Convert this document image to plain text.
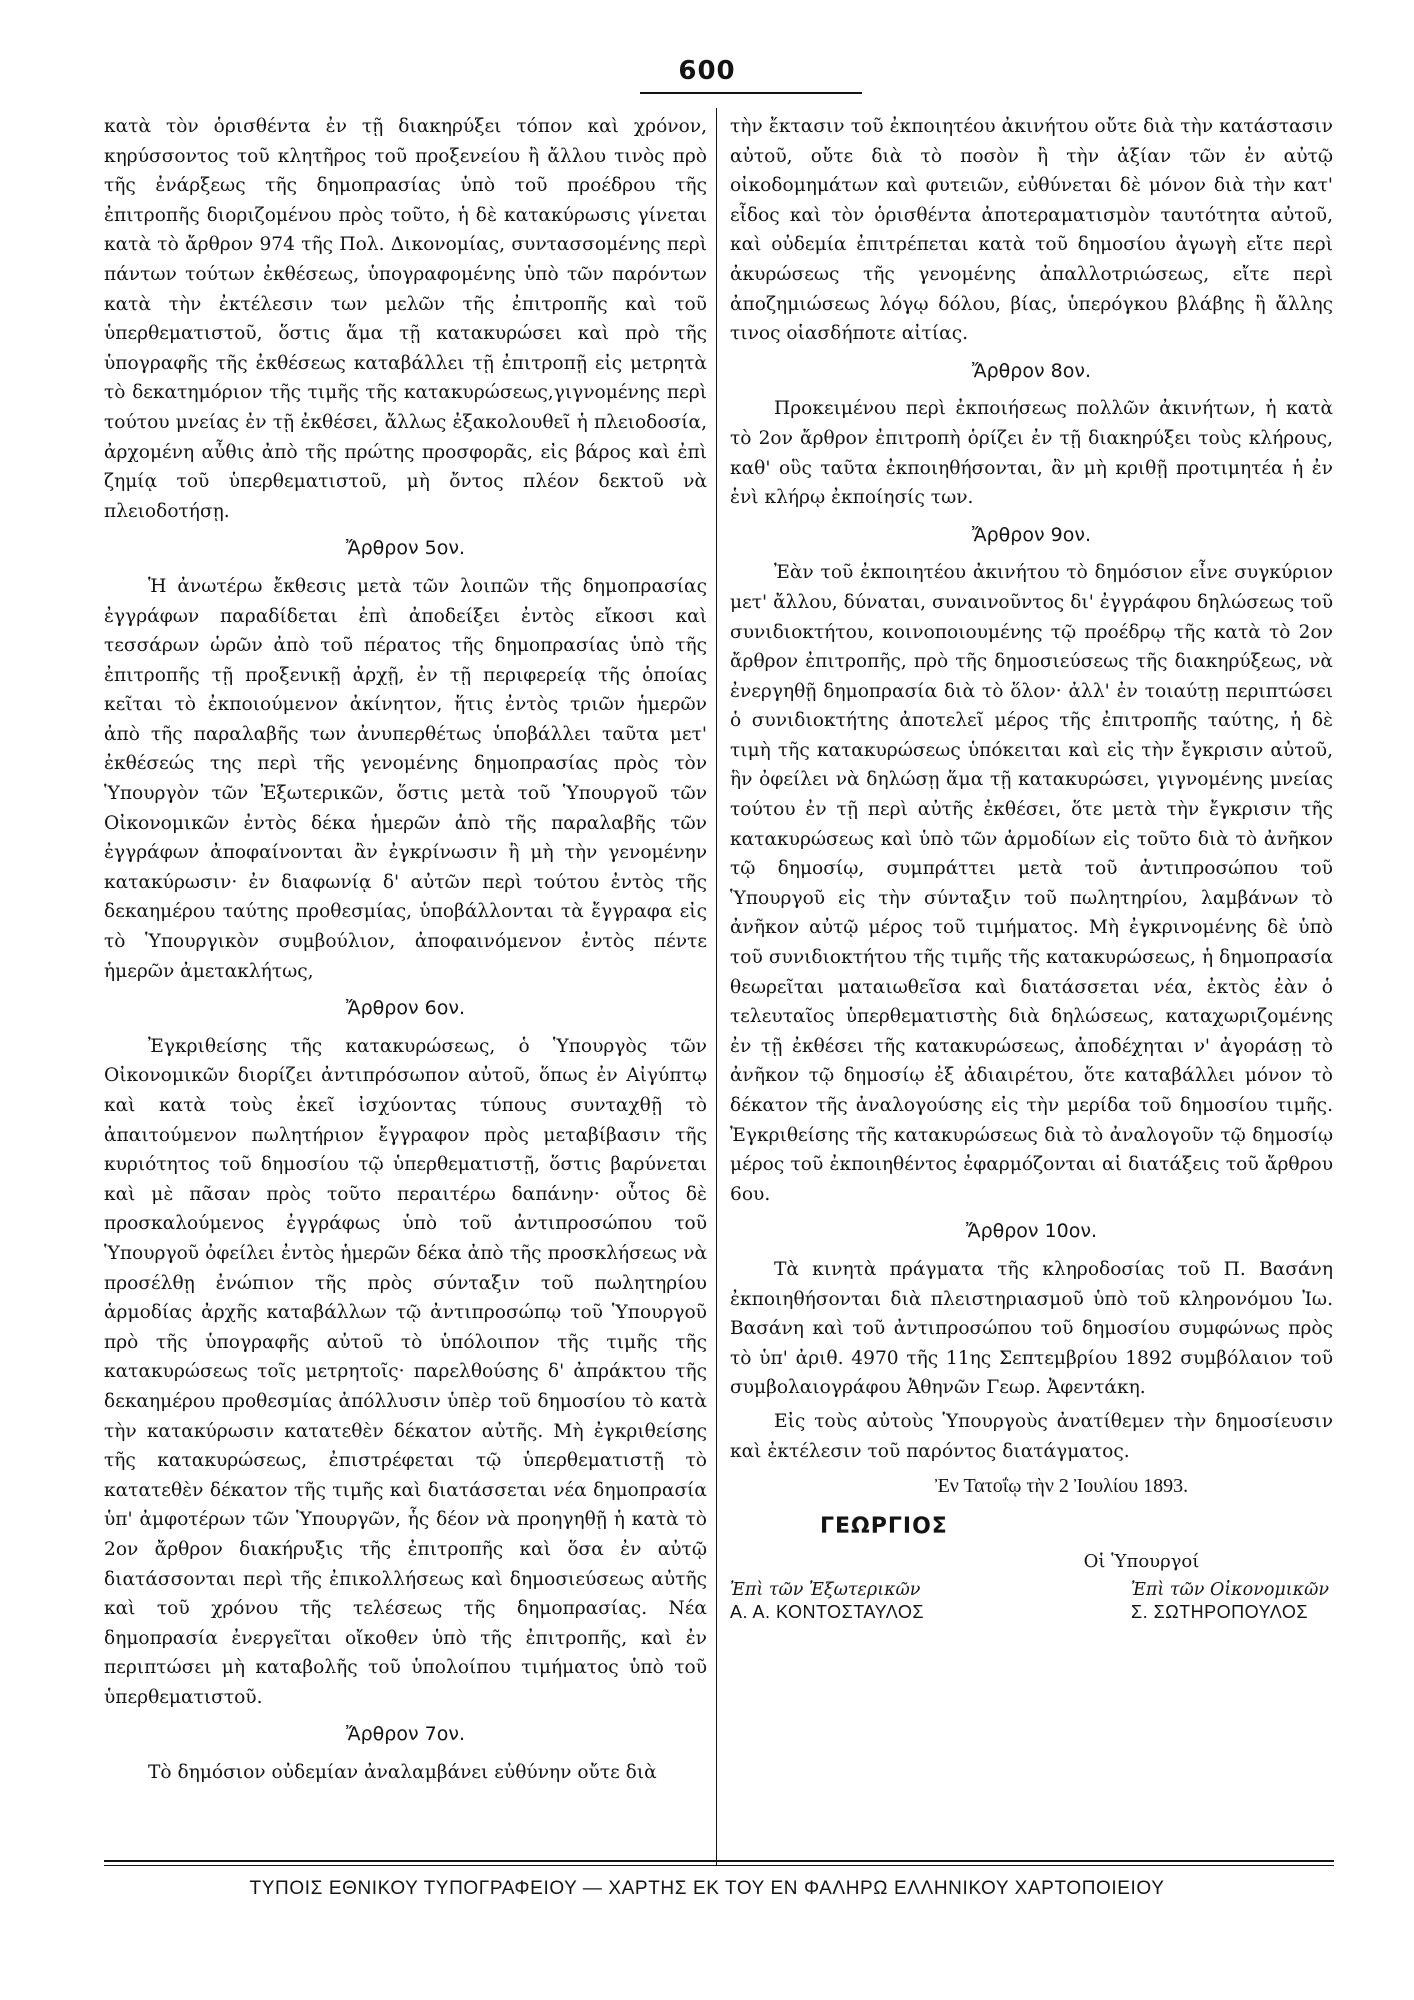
600

κατὰ τὸν ὁρισθέντα ἐν τῇ διακηρύξει τόπον καὶ χρόνον, κηρύσσοντος τοῦ κλητῆρος τοῦ προξενείου ἢ ἄλλου τινὸς πρὸ τῆς ἐνάρξεως τῆς δημοπρασίας ὑπὸ τοῦ προέδρου τῆς ἐπιτροπῆς διοριζομένου πρὸς τοῦτο, ἡ δὲ κατακύρωσις γίνεται κατὰ τὸ ἄρθρον 974 τῆς Πολ. Δικονομίας, συντασσομένης περὶ πάντων τούτων ἐκθέσεως, ὑπογραφομένης ὑπὸ τῶν παρόντων κατὰ τὴν ἐκτέλεσιν των μελῶν τῆς ἐπιτροπῆς καὶ τοῦ ὑπερθεματιστοῦ, ὅστις ἅμα τῇ κατακυρώσει καὶ πρὸ τῆς ὑπογραφῆς τῆς ἐκθέσεως καταβάλλει τῇ ἐπιτροπῇ εἰς μετρητὰ τὸ δεκατημόριον τῆς τιμῆς τῆς κατακυρώσεως,γιγνομένης περὶ τούτου μνείας ἐν τῇ ἐκθέσει, ἄλλως ἐξακολουθεῖ ἡ πλειοδοσία, ἀρχομένη αὖθις ἀπὸ τῆς πρώτης προσφορᾶς, εἰς βάρος καὶ ἐπὶ ζημίᾳ τοῦ ὑπερθεματιστοῦ, μὴ ὄντος πλέον δεκτοῦ νὰ πλειοδοτήσῃ.

Ἄρθρον 5ον.

Ἡ ἀνωτέρω ἔκθεσις μετὰ τῶν λοιπῶν τῆς δημοπρασίας ἐγγράφων παραδίδεται ἐπὶ ἀποδείξει ἐντὸς εἴκοσι καὶ τεσσάρων ὡρῶν ἀπὸ τοῦ πέρατος τῆς δημοπρασίας ὑπὸ τῆς ἐπιτροπῆς τῇ προξενικῇ ἀρχῇ, ἐν τῇ περιφερείᾳ τῆς ὁποίας κεῖται τὸ ἐκποιούμενον ἀκίνητον, ἥτις ἐντὸς τριῶν ἡμερῶν ἀπὸ τῆς παραλαβῆς των ἀνυπερθέτως ὑποβάλλει ταῦτα μετ' ἐκθέσεώς της περὶ τῆς γενομένης δημοπρασίας πρὸς τὸν Ὑπουργὸν τῶν Ἐξωτερικῶν, ὅστις μετὰ τοῦ Ὑπουργοῦ τῶν Οἰκονομικῶν ἐντὸς δέκα ἡμερῶν ἀπὸ τῆς παραλαβῆς τῶν ἐγγράφων ἀποφαίνονται ἂν ἐγκρίνωσιν ἢ μὴ τὴν γενομένην κατακύρωσιν· ἐν διαφωνίᾳ δ' αὐτῶν περὶ τούτου ἐντὸς τῆς δεκαημέρου ταύτης προθεσμίας, ὑποβάλλονται τὰ ἔγγραφα εἰς τὸ Ὑπουργικὸν συμβούλιον, ἀποφαινόμενον ἐντὸς πέντε ἡμερῶν ἀμετακλήτως,

Ἄρθρον 6ον.

Ἐγκριθείσης τῆς κατακυρώσεως, ὁ Ὑπουργὸς τῶν Οἰκονομικῶν διορίζει ἀντιπρόσωπον αὐτοῦ, ὅπως ἐν Αἰγύπτῳ καὶ κατὰ τοὺς ἐκεῖ ἰσχύοντας τύπους συνταχθῇ τὸ ἀπαιτούμενον πωλητήριον ἔγγραφον πρὸς μεταβίβασιν τῆς κυριότητος τοῦ δημοσίου τῷ ὑπερθεματιστῇ, ὅστις βαρύνεται καὶ μὲ πᾶσαν πρὸς τοῦτο περαιτέρω δαπάνην· οὗτος δὲ προσκαλούμενος ἐγγράφως ὑπὸ τοῦ ἀντιπροσώπου τοῦ Ὑπουργοῦ ὀφείλει ἐντὸς ἡμερῶν δέκα ἀπὸ τῆς προσκλήσεως νὰ προσέλθῃ ἐνώπιον τῆς πρὸς σύνταξιν τοῦ πωλητηρίου ἁρμοδίας ἀρχῆς καταβάλλων τῷ ἀντιπροσώπῳ τοῦ Ὑπουργοῦ πρὸ τῆς ὑπογραφῆς αὐτοῦ τὸ ὑπόλοιπον τῆς τιμῆς τῆς κατακυρώσεως τοῖς μετρητοῖς· παρελθούσης δ' ἀπράκτου τῆς δεκαημέρου προθεσμίας ἀπόλλυσιν ὑπὲρ τοῦ δημοσίου τὸ κατὰ τὴν κατακύρωσιν κατατεθὲν δέκατον αὐτῆς. Μὴ ἐγκριθείσης τῆς κατακυρώσεως, ἐπιστρέφεται τῷ ὑπερθεματιστῇ τὸ κατατεθὲν δέκατον τῆς τιμῆς καὶ διατάσσεται νέα δημοπρασία ὑπ' ἀμφοτέρων τῶν Ὑπουργῶν, ἧς δέον νὰ προηγηθῇ ἡ κατὰ τὸ 2ον ἄρθρον διακήρυξις τῆς ἐπιτροπῆς καὶ ὅσα ἐν αὐτῷ διατάσσονται περὶ τῆς ἐπικολλήσεως καὶ δημοσιεύσεως αὐτῆς καὶ τοῦ χρόνου τῆς τελέσεως τῆς δημοπρασίας. Νέα δημοπρασία ἐνεργεῖται οἴκοθεν ὑπὸ τῆς ἐπιτροπῆς, καὶ ἐν περιπτώσει μὴ καταβολῆς τοῦ ὑπολοίπου τιμήματος ὑπὸ τοῦ ὑπερθεματιστοῦ.

Ἄρθρον 7ον.

Τὸ δημόσιον οὐδεμίαν ἀναλαμβάνει εὐθύνην οὔτε διὰ

τὴν ἔκτασιν τοῦ ἐκποιητέου ἀκινήτου οὔτε διὰ τὴν κατάστασιν αὐτοῦ, οὔτε διὰ τὸ ποσὸν ἢ τὴν ἀξίαν τῶν ἐν αὐτῷ οἰκοδομημάτων καὶ φυτειῶν, εὐθύνεται δὲ μόνον διὰ τὴν κατ' εἶδος καὶ τὸν ὁρισθέντα ἀποτεραματισμὸν ταυτότητα αὐτοῦ, καὶ οὐδεμία ἐπιτρέπεται κατὰ τοῦ δημοσίου ἀγωγὴ εἴτε περὶ ἀκυρώσεως τῆς γενομένης ἀπαλλοτριώσεως, εἴτε περὶ ἀποζημιώσεως λόγῳ δόλου, βίας, ὑπερόγκου βλάβης ἢ ἄλλης τινος οἱασδήποτε αἰτίας.

Ἄρθρον 8ον.

Προκειμένου περὶ ἐκποιήσεως πολλῶν ἀκινήτων, ἡ κατὰ τὸ 2ον ἄρθρον ἐπιτροπὴ ὁρίζει ἐν τῇ διακηρύξει τοὺς κλήρους, καθ' οὓς ταῦτα ἐκποιηθήσονται, ἂν μὴ κριθῇ προτιμητέα ἡ ἐν ἑνὶ κλήρῳ ἐκποίησίς των.

Ἄρθρον 9ον.

Ἐὰν τοῦ ἐκποιητέου ἀκινήτου τὸ δημόσιον εἶνε συγκύριον μετ' ἄλλου, δύναται, συναινοῦντος δι' ἐγγράφου δηλώσεως τοῦ συνιδιοκτήτου, κοινοποιουμένης τῷ προέδρῳ τῆς κατὰ τὸ 2ον ἄρθρον ἐπιτροπῆς, πρὸ τῆς δημοσιεύσεως τῆς διακηρύξεως, νὰ ἐνεργηθῇ δημοπρασία διὰ τὸ ὅλον· ἀλλ' ἐν τοιαύτῃ περιπτώσει ὁ συνιδιοκτήτης ἀποτελεῖ μέρος τῆς ἐπιτροπῆς ταύτης, ἡ δὲ τιμὴ τῆς κατακυρώσεως ὑπόκειται καὶ εἰς τὴν ἔγκρισιν αὐτοῦ, ἣν ὀφείλει νὰ δηλώσῃ ἅμα τῇ κατακυρώσει, γιγνομένης μνείας τούτου ἐν τῇ περὶ αὐτῆς ἐκθέσει, ὅτε μετὰ τὴν ἔγκρισιν τῆς κατακυρώσεως καὶ ὑπὸ τῶν ἁρμοδίων εἰς τοῦτο διὰ τὸ ἀνῆκον τῷ δημοσίῳ, συμπράττει μετὰ τοῦ ἀντιπροσώπου τοῦ Ὑπουργοῦ εἰς τὴν σύνταξιν τοῦ πωλητηρίου, λαμβάνων τὸ ἀνῆκον αὐτῷ μέρος τοῦ τιμήματος. Μὴ ἐγκρινομένης δὲ ὑπὸ τοῦ συνιδιοκτήτου τῆς τιμῆς τῆς κατακυρώσεως, ἡ δημοπρασία θεωρεῖται ματαιωθεῖσα καὶ διατάσσεται νέα, ἐκτὸς ἐὰν ὁ τελευταῖος ὑπερθεματιστὴς διὰ δηλώσεως, καταχωριζομένης ἐν τῇ ἐκθέσει τῆς κατακυρώσεως, ἀποδέχηται ν' ἀγοράσῃ τὸ ἀνῆκον τῷ δημοσίῳ ἐξ ἀδιαιρέτου, ὅτε καταβάλλει μόνον τὸ δέκατον τῆς ἀναλογούσης εἰς τὴν μερίδα τοῦ δημοσίου τιμῆς. Ἐγκριθείσης τῆς κατακυρώσεως διὰ τὸ ἀναλογοῦν τῷ δημοσίῳ μέρος τοῦ ἐκποιηθέντος ἐφαρμόζονται αἱ διατάξεις τοῦ ἄρθρου 6ου.

Ἄρθρον 10ον.

Τὰ κινητὰ πράγματα τῆς κληροδοσίας τοῦ Π. Βασάνη ἐκποιηθήσονται διὰ πλειστηριασμοῦ ὑπὸ τοῦ κληρονόμου Ἰω. Βασάνη καὶ τοῦ ἀντιπροσώπου τοῦ δημοσίου συμφώνως πρὸς τὸ ὑπ' ἀριθ. 4970 τῆς 11ης Σεπτεμβρίου 1892 συμβόλαιον τοῦ συμβολαιογράφου Ἀθηνῶν Γεωρ. Ἀφεντάκη.

Εἰς τοὺς αὐτοὺς Ὑπουργοὺς ἀνατίθεμεν τὴν δημοσίευσιν καὶ ἐκτέλεσιν τοῦ παρόντος διατάγματος.

Ἐν Τατοΐῳ τὴν 2 Ἰουλίου 1893.
ΓΕΩΡΓΙΟΣ
Οἱ Ὑπουργοί
Ἐπὶ τῶν Ἐξωτερικῶν
Α. Α. ΚΟΝΤΟΣΤΑΥΛΟΣ
Ἐπὶ τῶν Οἰκονομικῶν
Σ. ΣΩΤΗΡΟΠΟΥΛΟΣ
ΤΥΠΟΙΣ ΕΘΝΙΚΟΥ ΤΥΠΟΓΡΑΦΕΙΟΥ — ΧΑΡΤΗΣ ΕΚ ΤΟΥ ΕΝ ΦΑΛΗΡΩ ΕΛΛΗΝΙΚΟΥ ΧΑΡΤΟΠΟΙΕΙΟΥ
